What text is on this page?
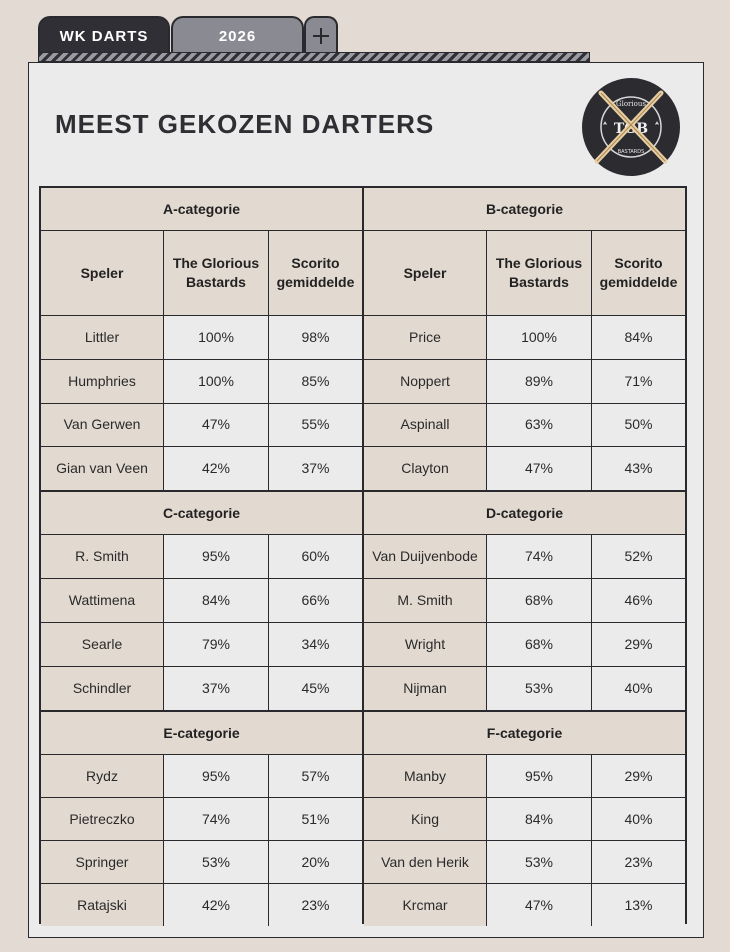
WK DARTS	2026
MEEST GEKOZEN DARTERS
Glorious
BASTARDS
TGB
A-categorie
Speler
The Glorious Bastards
Scorito gemiddelde
Littler	100%	98%
Humphries	100%	85%
Van Gerwen	47%	55%
Gian van Veen	42%	37%
B-categorie
Speler
The Glorious Bastards
Scorito gemiddelde
Price	100%	84%
Noppert	89%	71%
Aspinall	63%	50%
Clayton	47%	43%
C-categorie
R. Smith	95%	60%
Wattimena	84%	66%
Searle	79%	34%
Schindler	37%	45%
D-categorie
Van Duijvenbode	74%	52%
M. Smith	68%	46%
Wright	68%	29%
Nijman	53%	40%
E-categorie
Rydz	95%	57%
Pietreczko	74%	51%
Springer	53%	20%
Ratajski	42%	23%
F-categorie
Manby	95%	29%
King	84%	40%
Van den Herik	53%	23%
Krcmar	47%	13%
